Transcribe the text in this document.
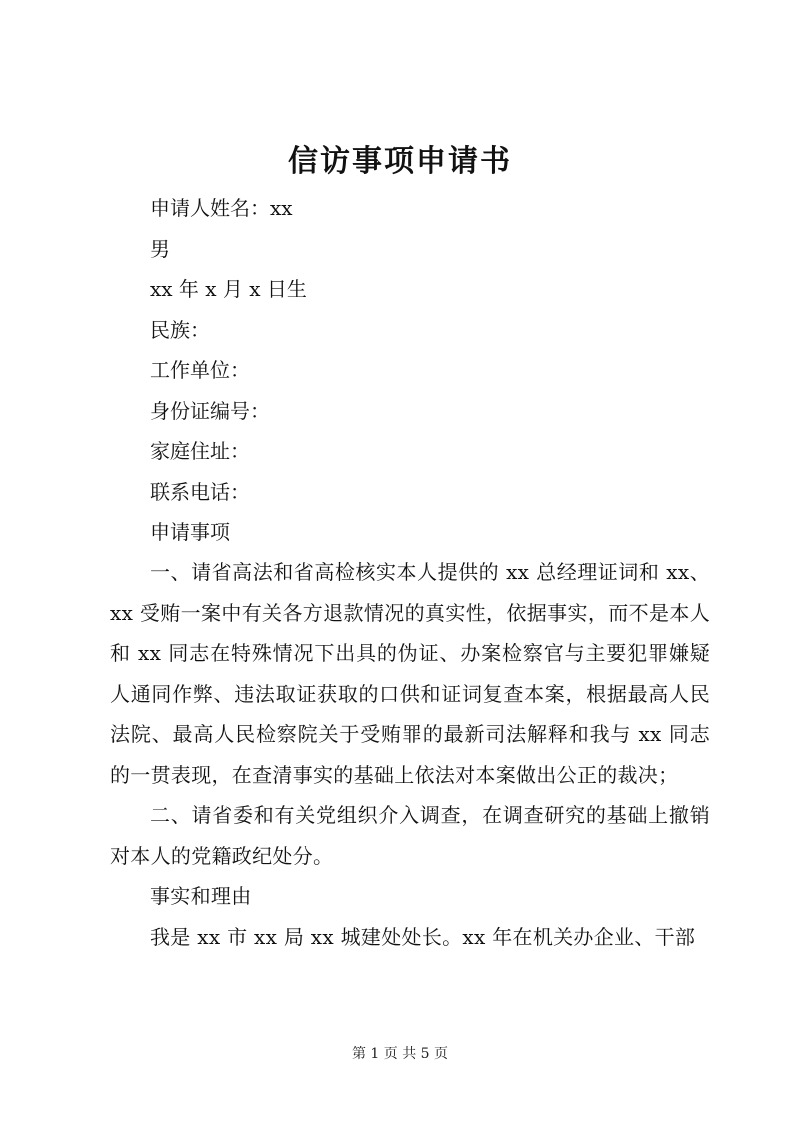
信访事项申请书
申请人姓名：xx
男
xx 年 x 月 x 日生
民族：
工作单位：
身份证编号：
家庭住址：
联系电话：
申请事项

一、请省高法和省高检核实本人提供的 xx 总经理证词和 xx、xx 受贿一案中有关各方退款情况的真实性，依据事实，而不是本人和 xx 同志在特殊情况下出具的伪证、办案检察官与主要犯罪嫌疑人通同作弊、违法取证获取的口供和证词复查本案，根据最高人民法院、最高人民检察院关于受贿罪的最新司法解释和我与 xx 同志的一贯表现，在查清事实的基础上依法对本案做出公正的裁决；

二、请省委和有关党组织介入调查，在调查研究的基础上撤销对本人的党籍政纪处分。

事实和理由

我是 xx 市 xx 局 xx 城建处处长。xx 年在机关办企业、干部

第 1 页 共 5 页
